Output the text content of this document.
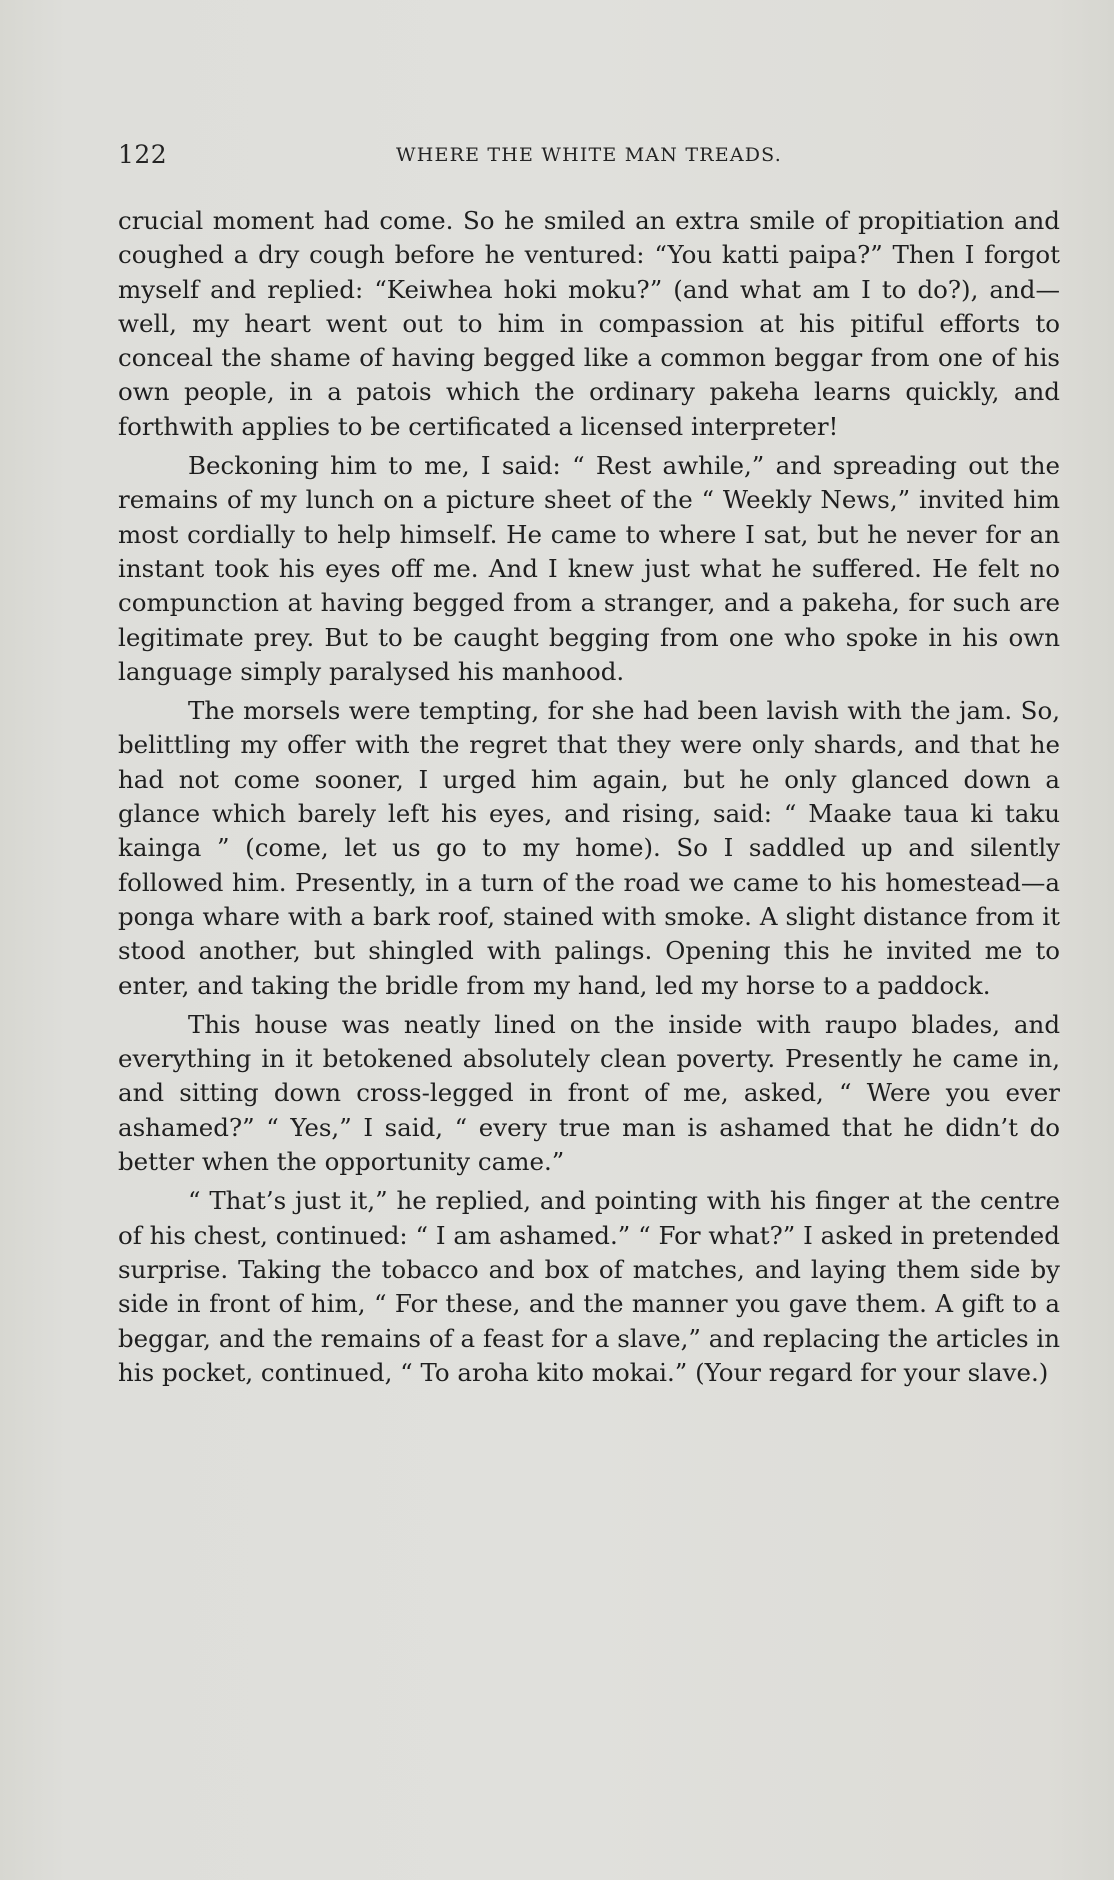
122	WHERE THE WHITE MAN TREADS.

crucial moment had come. So he smiled an extra smile of propitiation and coughed a dry cough before he ventured: “You katti paipa?” Then I forgot myself and replied: “Keiwhea hoki moku?” (and what am I to do?), and—well, my heart went out to him in compassion at his pitiful efforts to conceal the shame of having begged like a common beggar from one of his own people, in a patois which the ordinary pakeha learns quickly, and forthwith applies to be certificated a licensed interpreter!

Beckoning him to me, I said: “ Rest awhile,” and spreading out the remains of my lunch on a picture sheet of the “ Weekly News,” invited him most cordially to help himself. He came to where I sat, but he never for an instant took his eyes off me. And I knew just what he suffered. He felt no compunction at having begged from a stranger, and a pakeha, for such are legitimate prey. But to be caught begging from one who spoke in his own language simply paralysed his manhood.

The morsels were tempting, for she had been lavish with the jam. So, belittling my offer with the regret that they were only shards, and that he had not come sooner, I urged him again, but he only glanced down a glance which barely left his eyes, and rising, said: “ Maake taua ki taku kainga ” (come, let us go to my home). So I saddled up and silently followed him. Presently, in a turn of the road we came to his homestead—a ponga whare with a bark roof, stained with smoke. A slight distance from it stood another, but shingled with palings. Opening this he invited me to enter, and taking the bridle from my hand, led my horse to a paddock.

This house was neatly lined on the inside with raupo blades, and everything in it betokened absolutely clean poverty. Presently he came in, and sitting down cross-legged in front of me, asked, “ Were you ever ashamed?” “ Yes,” I said, “ every true man is ashamed that he didn’t do better when the opportunity came.”

“ That’s just it,” he replied, and pointing with his finger at the centre of his chest, continued: “ I am ashamed.” “ For what?” I asked in pretended surprise. Taking the tobacco and box of matches, and laying them side by side in front of him, “ For these, and the manner you gave them. A gift to a beggar, and the remains of a feast for a slave,” and replacing the articles in his pocket, continued, “ To aroha kito mokai.” (Your regard for your slave.)
